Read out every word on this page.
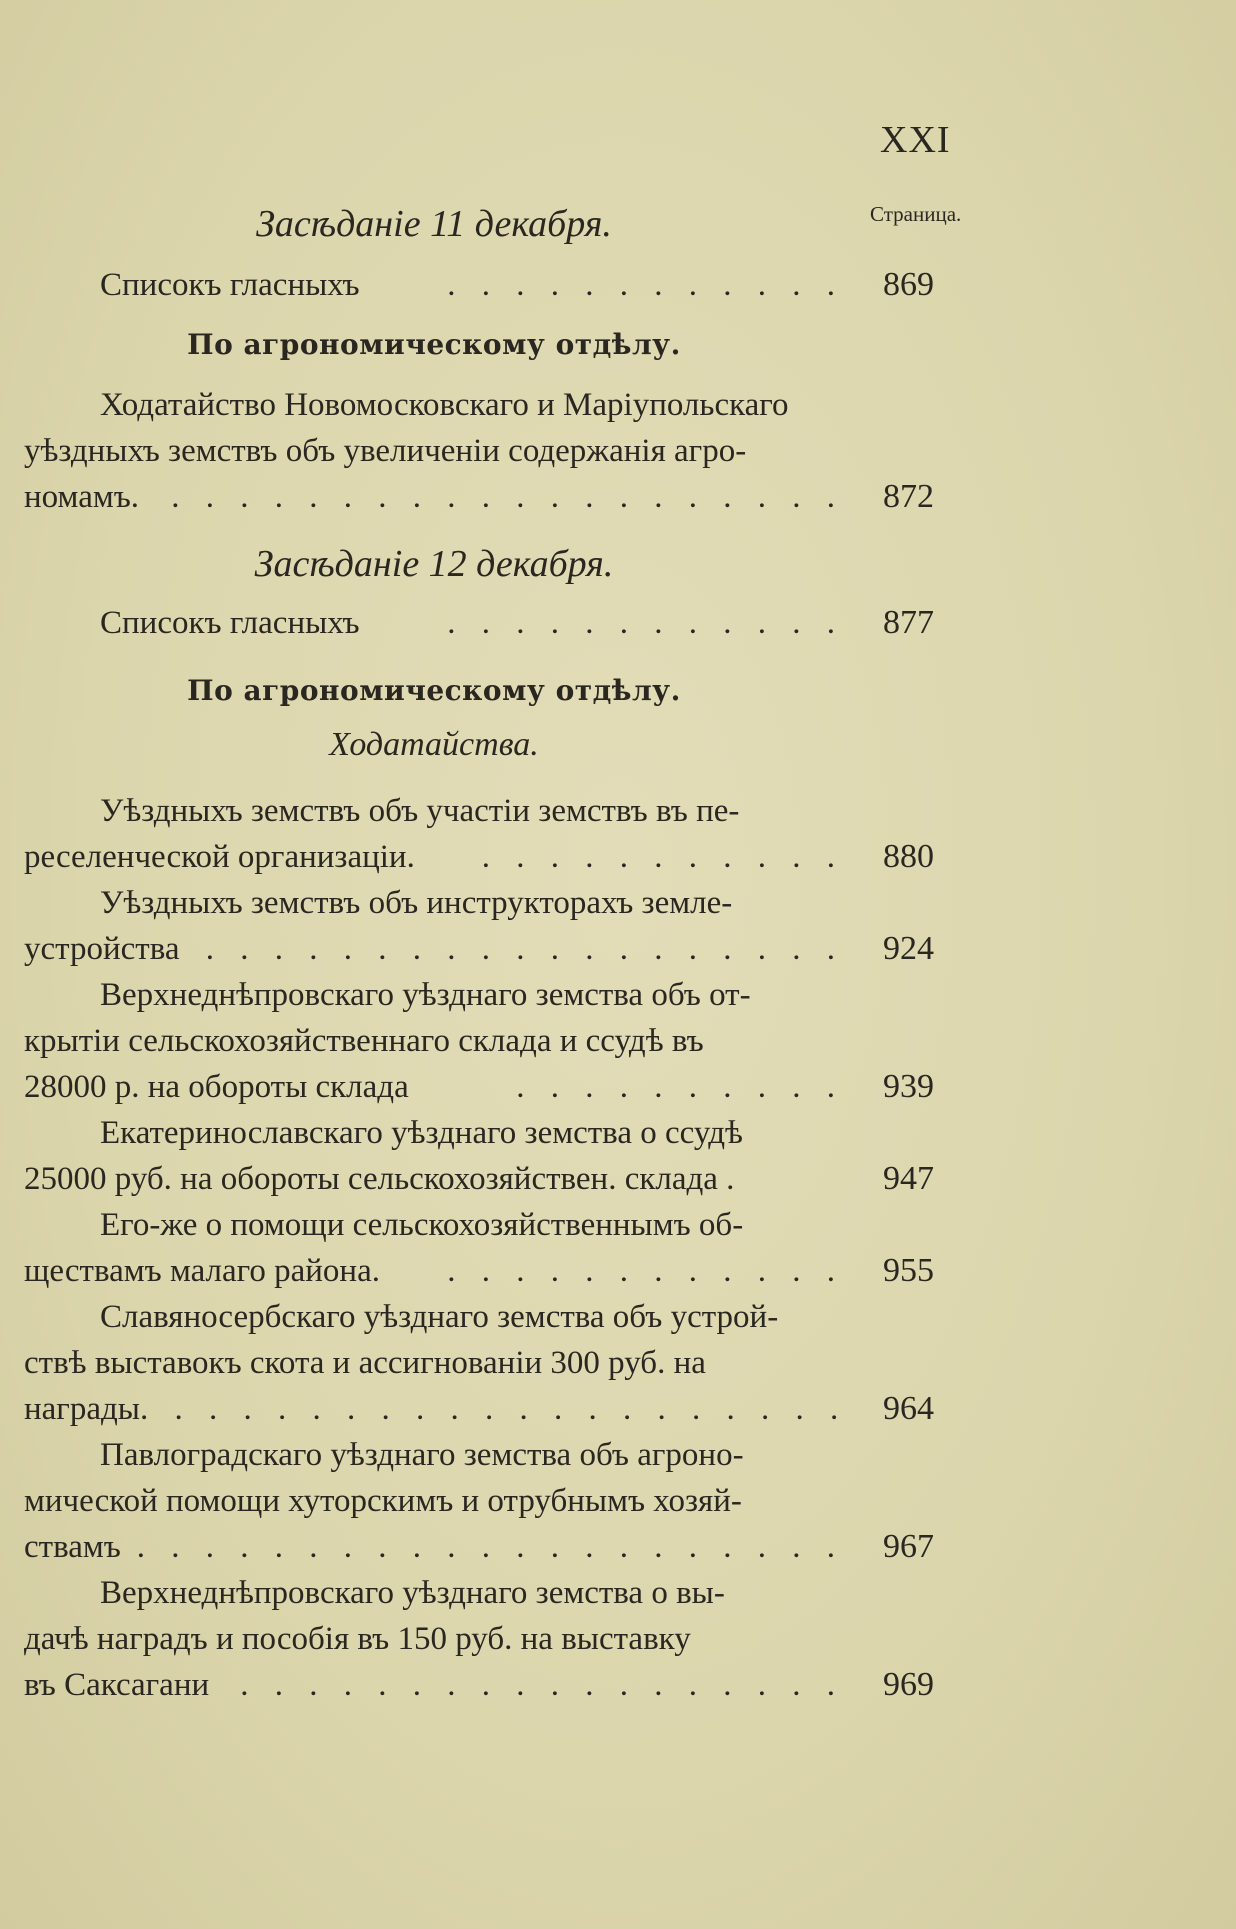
XXI
Страница.
Засѣданіе 11 декабря.
Списокъ гласныхъ	. . . . . . . . . . . .	869
По агрономическому отдѣлу.
Ходатайство Новомосковскаго и Маріупольскаго
уѣздныхъ земствъ объ увеличеніи содержанія агро-
номамъ. . . . . . . . . . . . . . . . . . . . .	872
Засѣданіе 12 декабря.
Списокъ гласныхъ	. . . . . . . . . . . .	877
По агрономическому отдѣлу.
Ходатайства.
Уѣздныхъ земствъ объ участіи земствъ въ пе-
реселенческой организаціи. . . . . . . . . . . .	880
Уѣздныхъ земствъ объ инструкторахъ земле-
устройства . . . . . . . . . . . . . . . . . . .	924
Верхнеднѣпровскаго уѣзднаго земства объ от-
крытіи сельскохозяйственнаго склада и ссудѣ въ
28000 р. на обороты склада	. . . . . . . . . .	939
Екатеринославскаго уѣзднаго земства о ссудѣ
25000 руб. на обороты сельскохозяйствен. склада .	947
Его-же о помощи сельскохозяйственнымъ об-
ществамъ малаго района. . . . . . . . . . . . .	955
Славяносербскаго уѣзднаго земства объ устрой-
ствѣ выставокъ скота и ассигнованіи 300 руб. на
награды . . . . . . . . . . . . . . . . . . . . .	964
Павлоградскаго уѣзднаго земства объ агроно-
мической помощи хуторскимъ и отрубнымъ хозяй-
ствамъ . . . . . . . . . . . . . . . . . . . . .	967
Верхнеднѣпровскаго уѣзднаго земства о вы-
дачѣ наградъ и пособія въ 150 руб. на выставку
въ Саксагани . . . . . . . . . . . . . . . . . .	969
